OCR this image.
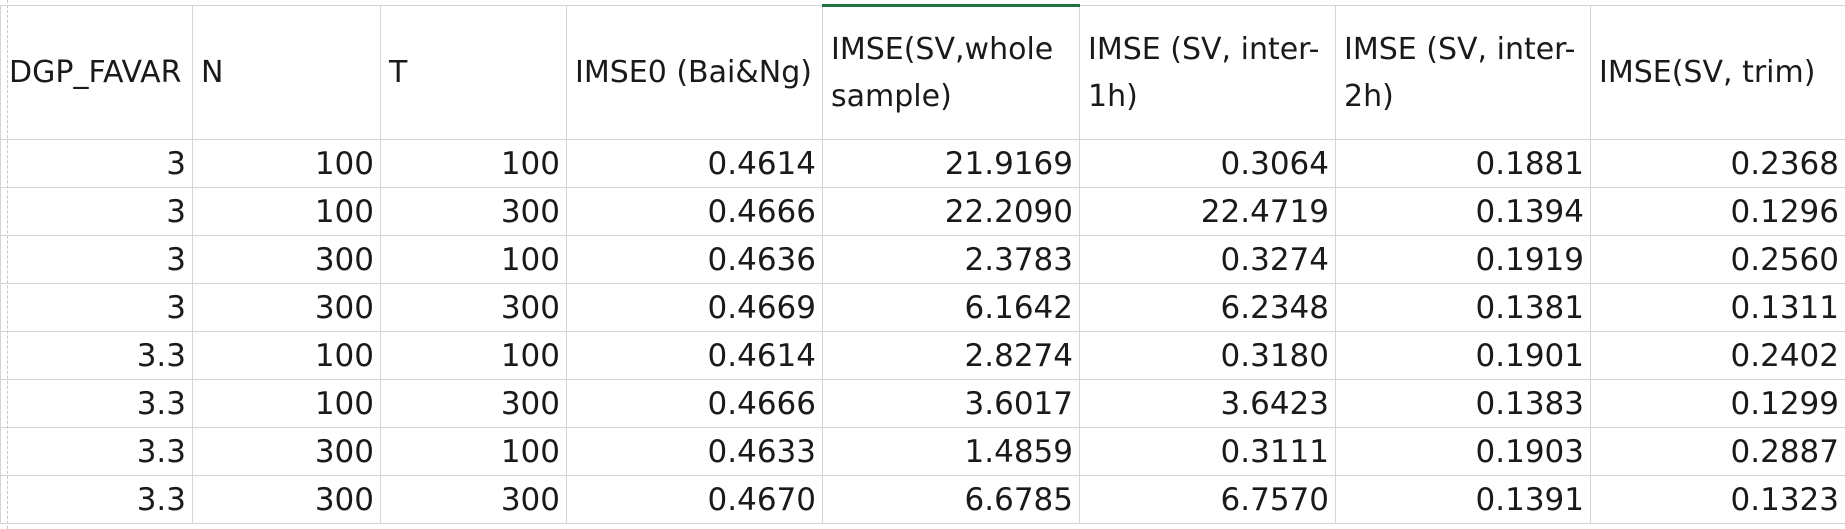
DGP_FAVAR	N	T	IMSE0 (Bai&Ng)	IMSE(SV,whole sample)	IMSE (SV, inter-1h)	IMSE (SV, inter-2h)	IMSE(SV, trim)
3	100	100	0.4614	21.9169	0.3064	0.1881	0.2368
3	100	300	0.4666	22.2090	22.4719	0.1394	0.1296
3	300	100	0.4636	2.3783	0.3274	0.1919	0.2560
3	300	300	0.4669	6.1642	6.2348	0.1381	0.1311
3.3	100	100	0.4614	2.8274	0.3180	0.1901	0.2402
3.3	100	300	0.4666	3.6017	3.6423	0.1383	0.1299
3.3	300	100	0.4633	1.4859	0.3111	0.1903	0.2887
3.3	300	300	0.4670	6.6785	6.7570	0.1391	0.1323
